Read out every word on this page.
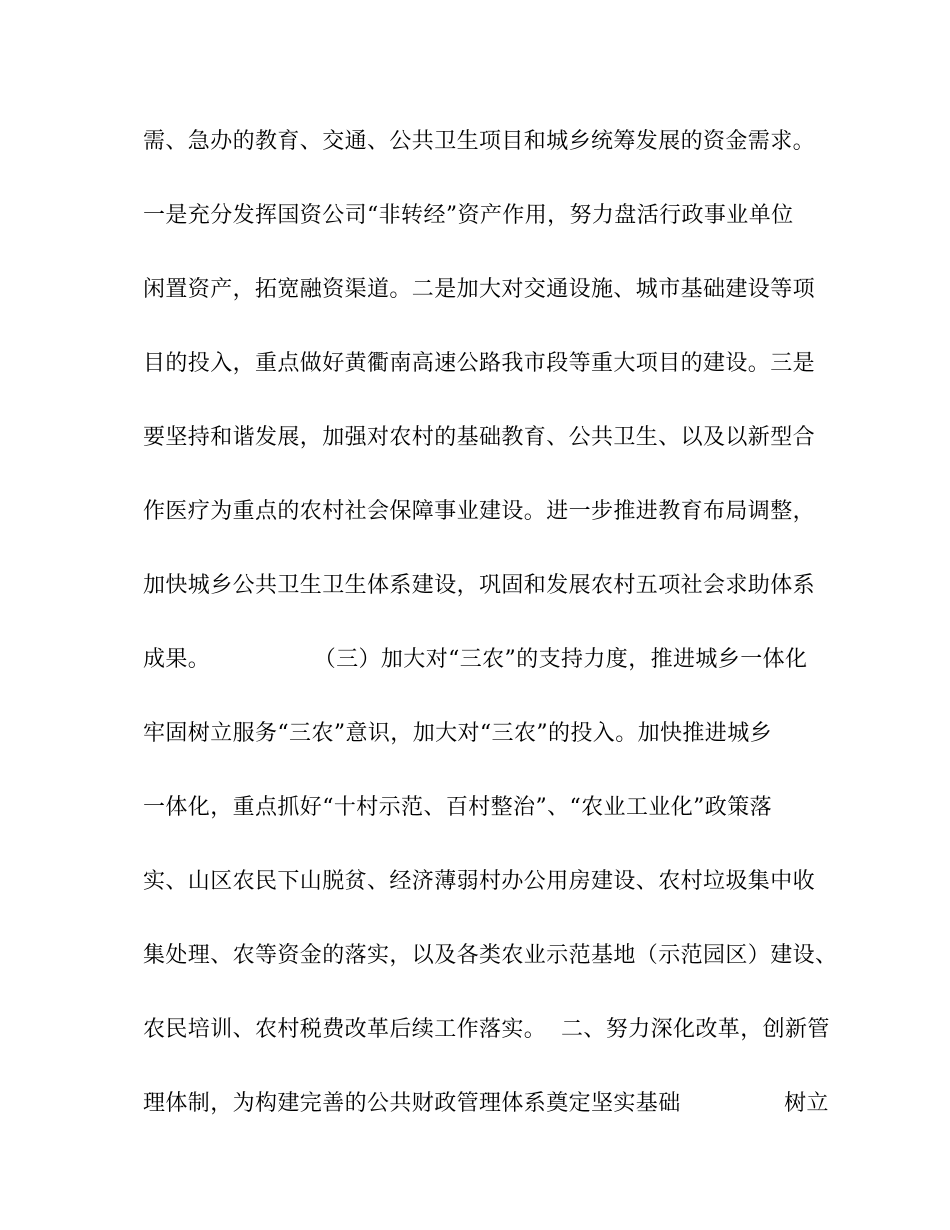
需、急办的教育、交通、公共卫生项目和城乡统筹发展的资金需求。
一是充分发挥国资公司“非转经”资产作用，努力盘活行政事业单位
闲置资产，拓宽融资渠道。二是加大对交通设施、城市基础建设等项
目的投入，重点做好黄衢南高速公路我市段等重大项目的建设。三是
要坚持和谐发展，加强对农村的基础教育、公共卫生、以及以新型合
作医疗为重点的农村社会保障事业建设。进一步推进教育布局调整，
加快城乡公共卫生卫生体系建设，巩固和发展农村五项社会求助体系
成果。              （三）加大对“三农”的支持力度，推进城乡一体化
牢固树立服务“三农”意识，加大对“三农”的投入。加快推进城乡
一体化，重点抓好“十村示范、百村整治”、“农业工业化”政策落
实、山区农民下山脱贫、经济薄弱村办公用房建设、农村垃圾集中收
集处理、农等资金的落实，以及各类农业示范基地（示范园区）建设、
农民培训、农村税费改革后续工作落实。  二、努力深化改革，创新管
理体制，为构建完善的公共财政管理体系奠定坚实基础              树立
